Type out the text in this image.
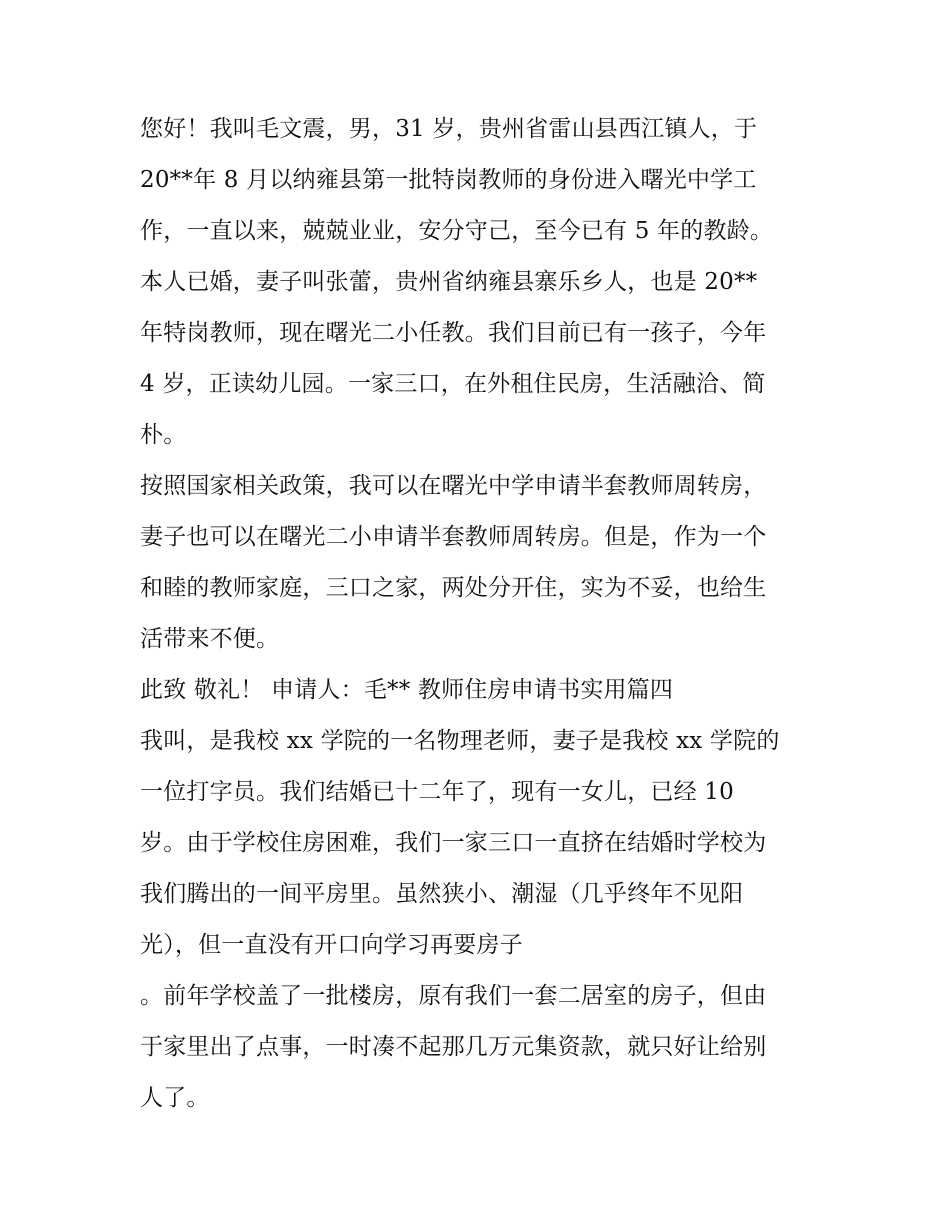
您好！我叫毛文震，男，31 岁，贵州省雷山县西江镇人，于
20**年 8 月以纳雍县第一批特岗教师的身份进入曙光中学工
作，一直以来，兢兢业业，安分守己，至今已有 5 年的教龄。
本人已婚，妻子叫张蕾，贵州省纳雍县寨乐乡人，也是 20**
年特岗教师，现在曙光二小任教。我们目前已有一孩子，今年
4 岁，正读幼儿园。一家三口，在外租住民房，生活融洽、简
朴。
按照国家相关政策，我可以在曙光中学申请半套教师周转房，
妻子也可以在曙光二小申请半套教师周转房。但是，作为一个
和睦的教师家庭，三口之家，两处分开住，实为不妥，也给生
活带来不便。
此致 敬礼！ 申请人：毛** 教师住房申请书实用篇四
我叫，是我校 xx 学院的一名物理老师，妻子是我校 xx 学院的
一位打字员。我们结婚已十二年了，现有一女儿，已经 10
岁。由于学校住房困难，我们一家三口一直挤在结婚时学校为
我们腾出的一间平房里。虽然狭小、潮湿（几乎终年不见阳
光），但一直没有开口向学习再要房子
。前年学校盖了一批楼房，原有我们一套二居室的房子，但由
于家里出了点事，一时凑不起那几万元集资款，就只好让给别
人了。
